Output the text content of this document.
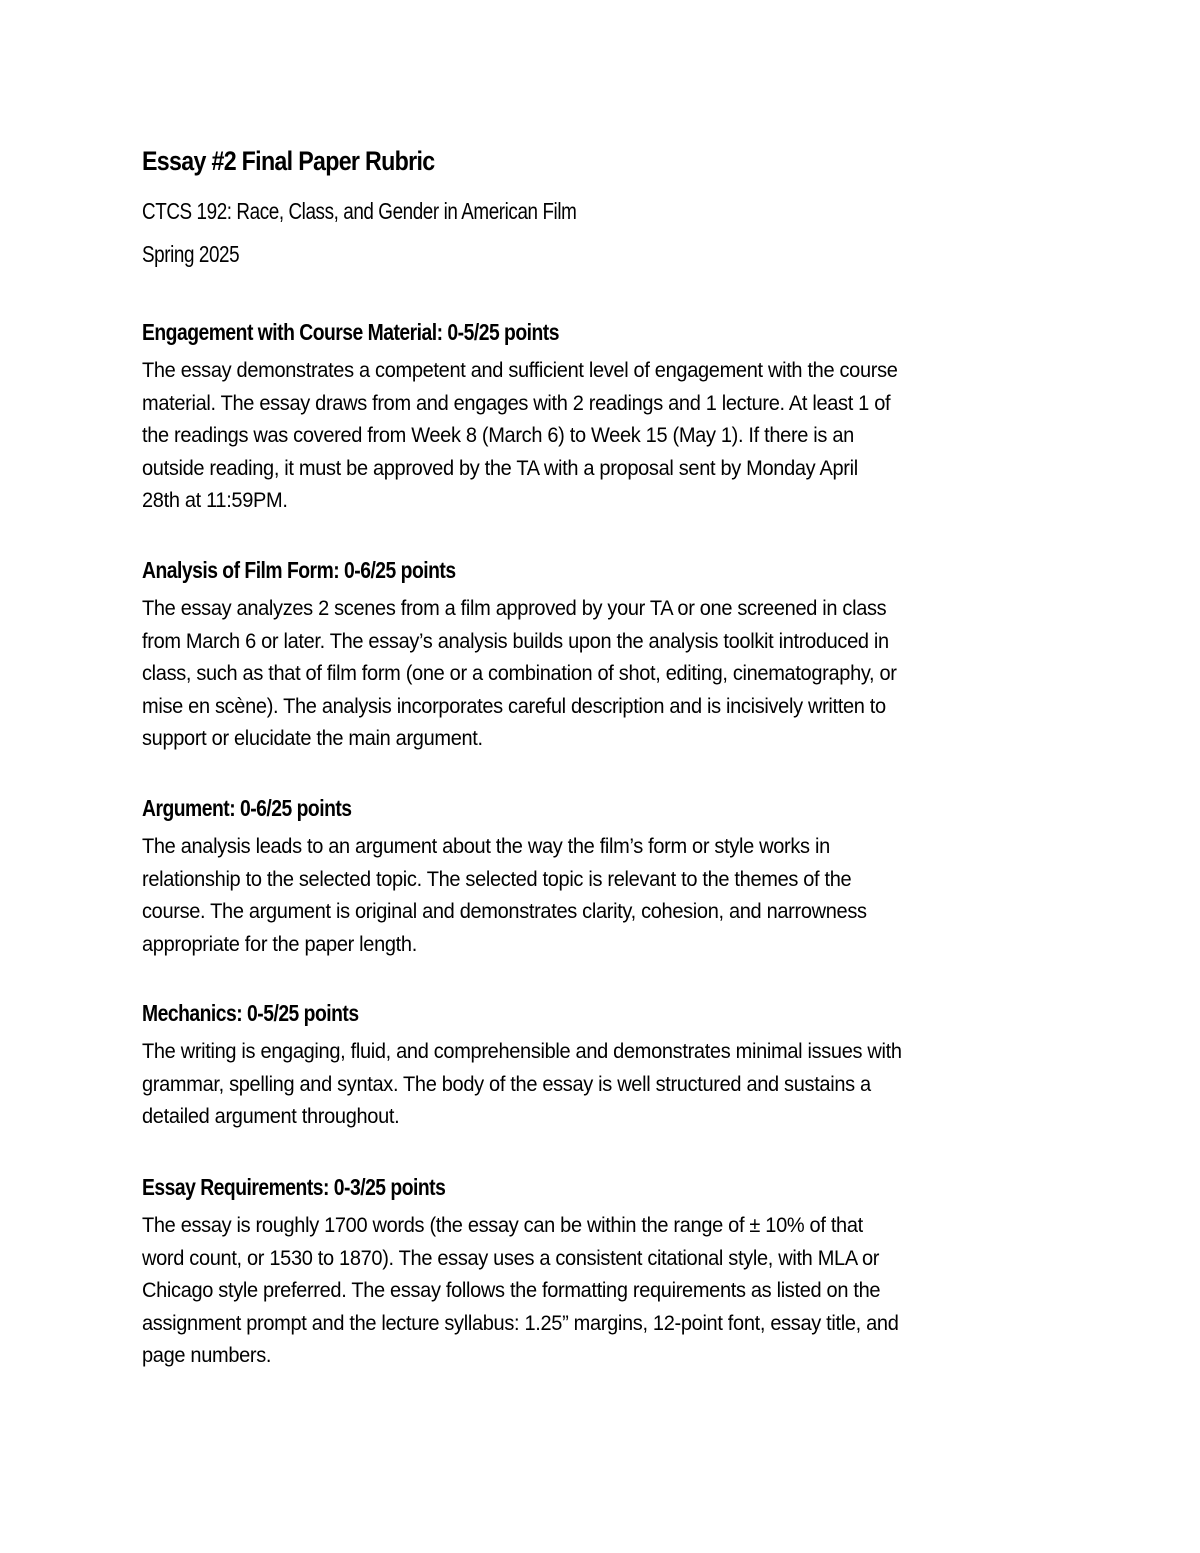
Essay #2 Final Paper Rubric

CTCS 192: Race, Class, and Gender in American Film

Spring 2025

Engagement with Course Material: 0-5/25 points

The essay demonstrates a competent and sufficient level of engagement with the course
material. The essay draws from and engages with 2 readings and 1 lecture. At least 1 of
the readings was covered from Week 8 (March 6) to Week 15 (May 1). If there is an
outside reading, it must be approved by the TA with a proposal sent by Monday April
28th at 11:59PM.

Analysis of Film Form: 0-6/25 points

The essay analyzes 2 scenes from a film approved by your TA or one screened in class
from March 6 or later. The essay’s analysis builds upon the analysis toolkit introduced in
class, such as that of film form (one or a combination of shot, editing, cinematography, or
mise en scène). The analysis incorporates careful description and is incisively written to
support or elucidate the main argument.

Argument: 0-6/25 points

The analysis leads to an argument about the way the film’s form or style works in
relationship to the selected topic. The selected topic is relevant to the themes of the
course. The argument is original and demonstrates clarity, cohesion, and narrowness
appropriate for the paper length.

Mechanics: 0-5/25 points

The writing is engaging, fluid, and comprehensible and demonstrates minimal issues with
grammar, spelling and syntax. The body of the essay is well structured and sustains a
detailed argument throughout.

Essay Requirements: 0-3/25 points

The essay is roughly 1700 words (the essay can be within the range of ± 10% of that
word count, or 1530 to 1870). The essay uses a consistent citational style, with MLA or
Chicago style preferred. The essay follows the formatting requirements as listed on the
assignment prompt and the lecture syllabus: 1.25” margins, 12-point font, essay title, and
page numbers.
